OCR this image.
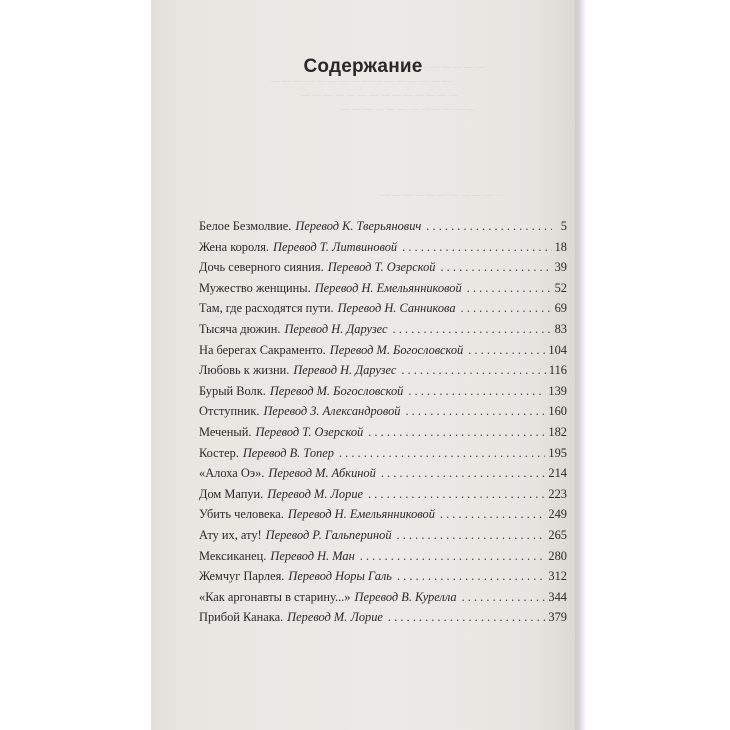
— — — — — — — —
— — — — — — — — — — — — — — — —
— — — — — — — — — — — — — —
— — — — — — — — — — — —
— — — — — — — — — — —
Содержание
Белое Безмолвие. Перевод К. Тверьянович . . .	5
Жена короля. Перевод Т. Литвиновой . . .	18
Дочь северного сияния. Перевод Т. Озерской . . .	39
Мужество женщины. Перевод Н. Емельянниковой . . .	52
Там, где расходятся пути. Перевод Н. Санникова . . .	69
Тысяча дюжин. Перевод Н. Дарузес . . .	83
На берегах Сакраменто. Перевод М. Богословской . . .	104
Любовь к жизни. Перевод Н. Дарузес . . .	116
Бурый Волк. Перевод М. Богословской . . .	139
Отступник. Перевод З. Александровой . . .	160
Меченый. Перевод Т. Озерской . . .	182
Костер. Перевод В. Топер . . .	195
«Алоха Оэ». Перевод М. Абкиной . . .	214
Дом Мапуи. Перевод М. Лорие . . .	223
Убить человека. Перевод Н. Емельянниковой . . .	249
Ату их, ату! Перевод Р. Гальпериной . . .	265
Мексиканец. Перевод Н. Ман . . .	280
Жемчуг Парлея. Перевод Норы Галь . . .	312
«Как аргонавты в старину...» Перевод В. Курелла . . .	344
Прибой Канака. Перевод М. Лорие . . .	379
